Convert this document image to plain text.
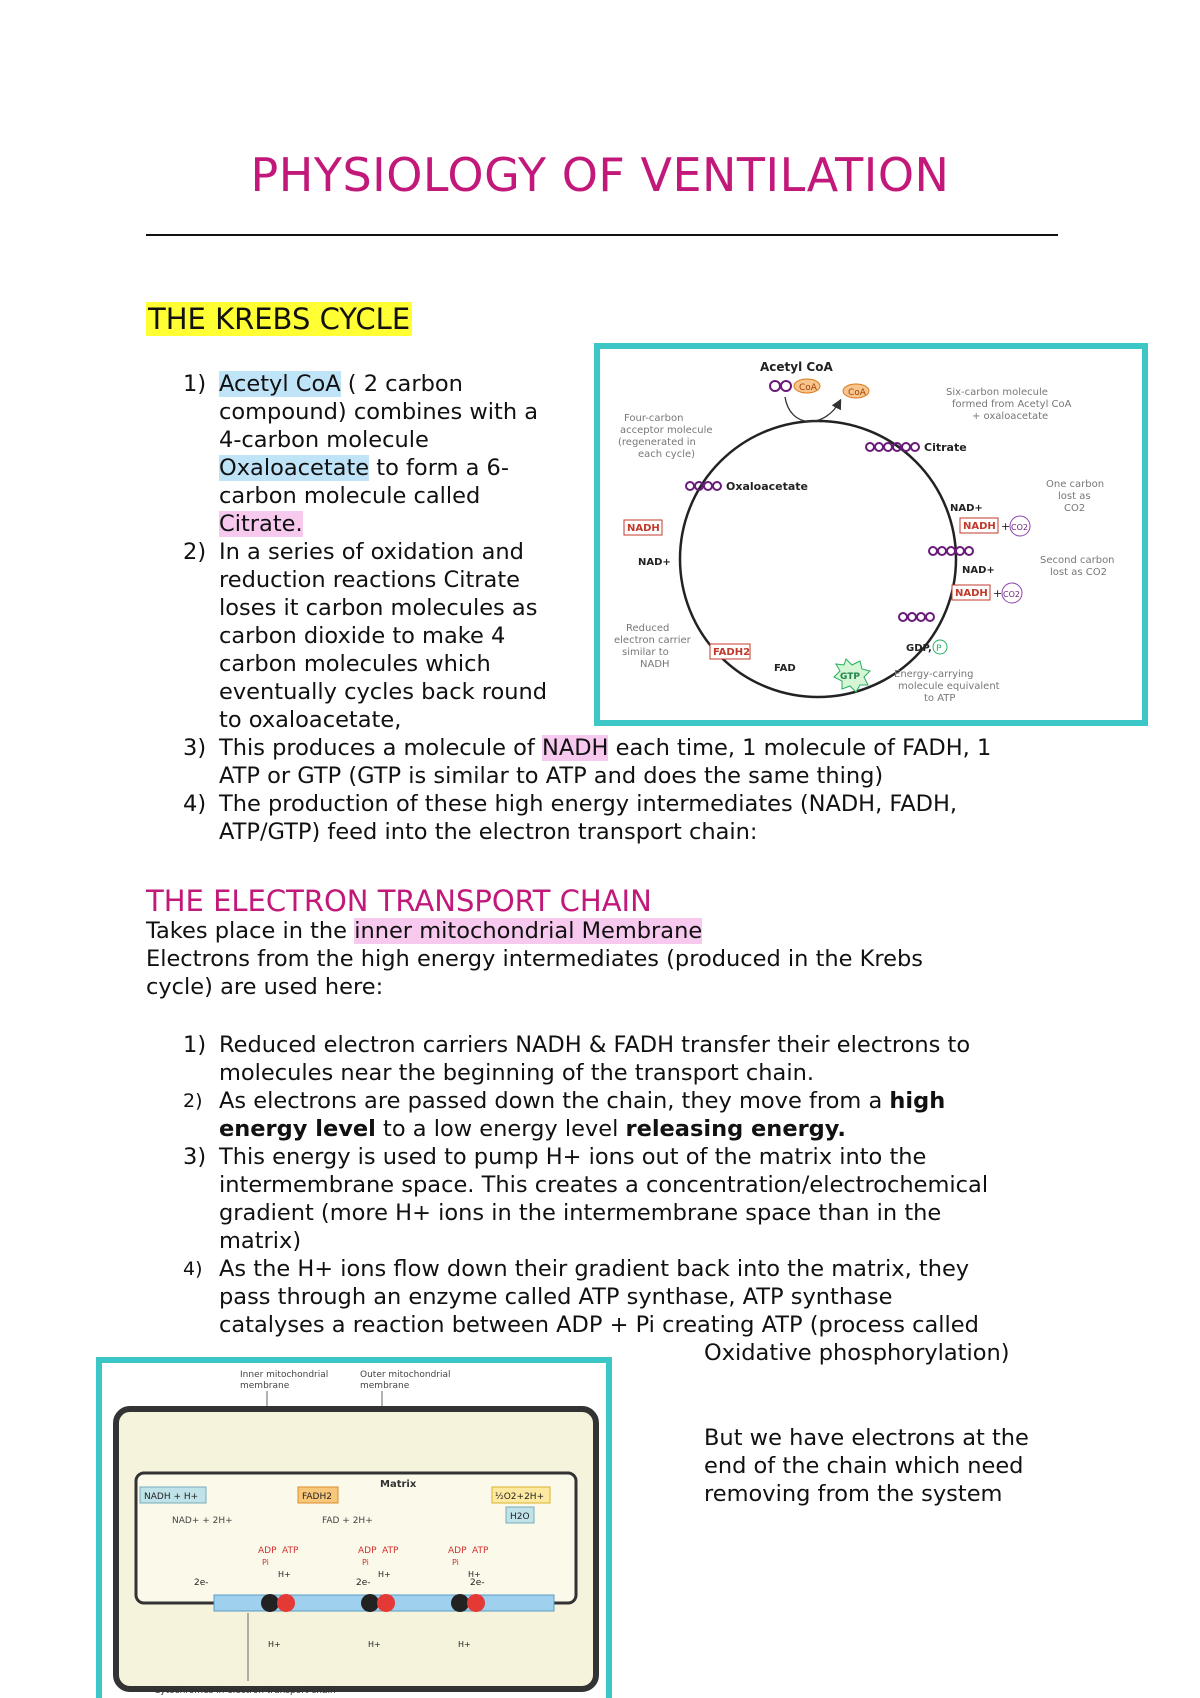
PHYSIOLOGY OF VENTILATION
THE KREBS CYCLE
1) Acetyl CoA ( 2 carbon
compound) combines with a
4-carbon molecule
Oxaloacetate to form a 6-
carbon molecule called
Citrate.
2) In a series of oxidation and
reduction reactions Citrate
loses it carbon molecules as
carbon dioxide to make 4
carbon molecules which
eventually cycles back round
to oxaloacetate,
3) This produces a molecule of NADH each time, 1 molecule of FADH, 1
ATP or GTP (GTP is similar to ATP and does the same thing)
4) The production of these high energy intermediates (NADH, FADH,
ATP/GTP) feed into the electron transport chain:
Acetyl CoA
CoA	CoA	Six-carbon molecule formed from Acetyl CoA + oxaloacetate
Four-carbon acceptor molecule (regenerated in each cycle)
Citrate
Oxaloacetate	One carbon lost as CO2
NAD+
NADH + CO2
NAD+
NADH + CO2
Second carbon lost as CO2
GDP, P
GTP	Energy-carrying molecule equivalent to ATP
FADH2
FAD
Reduced electron carrier similar to NADH
NADH
NAD+
THE ELECTRON TRANSPORT CHAIN
Takes place in the inner mitochondrial Membrane
Electrons from the high energy intermediates (produced in the Krebs
cycle) are used here:
1) Reduced electron carriers NADH & FADH transfer their electrons to
molecules near the beginning of the transport chain.
2) As electrons are passed down the chain, they move from a high
energy level to a low energy level releasing energy.
3) This energy is used to pump H+ ions out of the matrix into the
intermembrane space. This creates a concentration/electrochemical
gradient (more H+ ions in the intermembrane space than in the
matrix)
4) As the H+ ions flow down their gradient back into the matrix, they
pass through an enzyme called ATP synthase, ATP synthase
catalyses a reaction between ADP + Pi creating ATP (process called
Oxidative phosphorylation)
But we have electrons at the
end of the chain which need
removing from the system
Inner mitochondrial membrane
Outer mitochondrial membrane
Matrix
NADH + H+
NAD+ + 2H+
FADH2
FAD + 2H+
½O2+2H+
H2O
ADP ATP
Pi
H+
ADP ATP
Pi
H+
ADP ATP
Pi
H+
2e-	2e-	2e-
H+	H+	H+
Cytochromes in electron transport chain
